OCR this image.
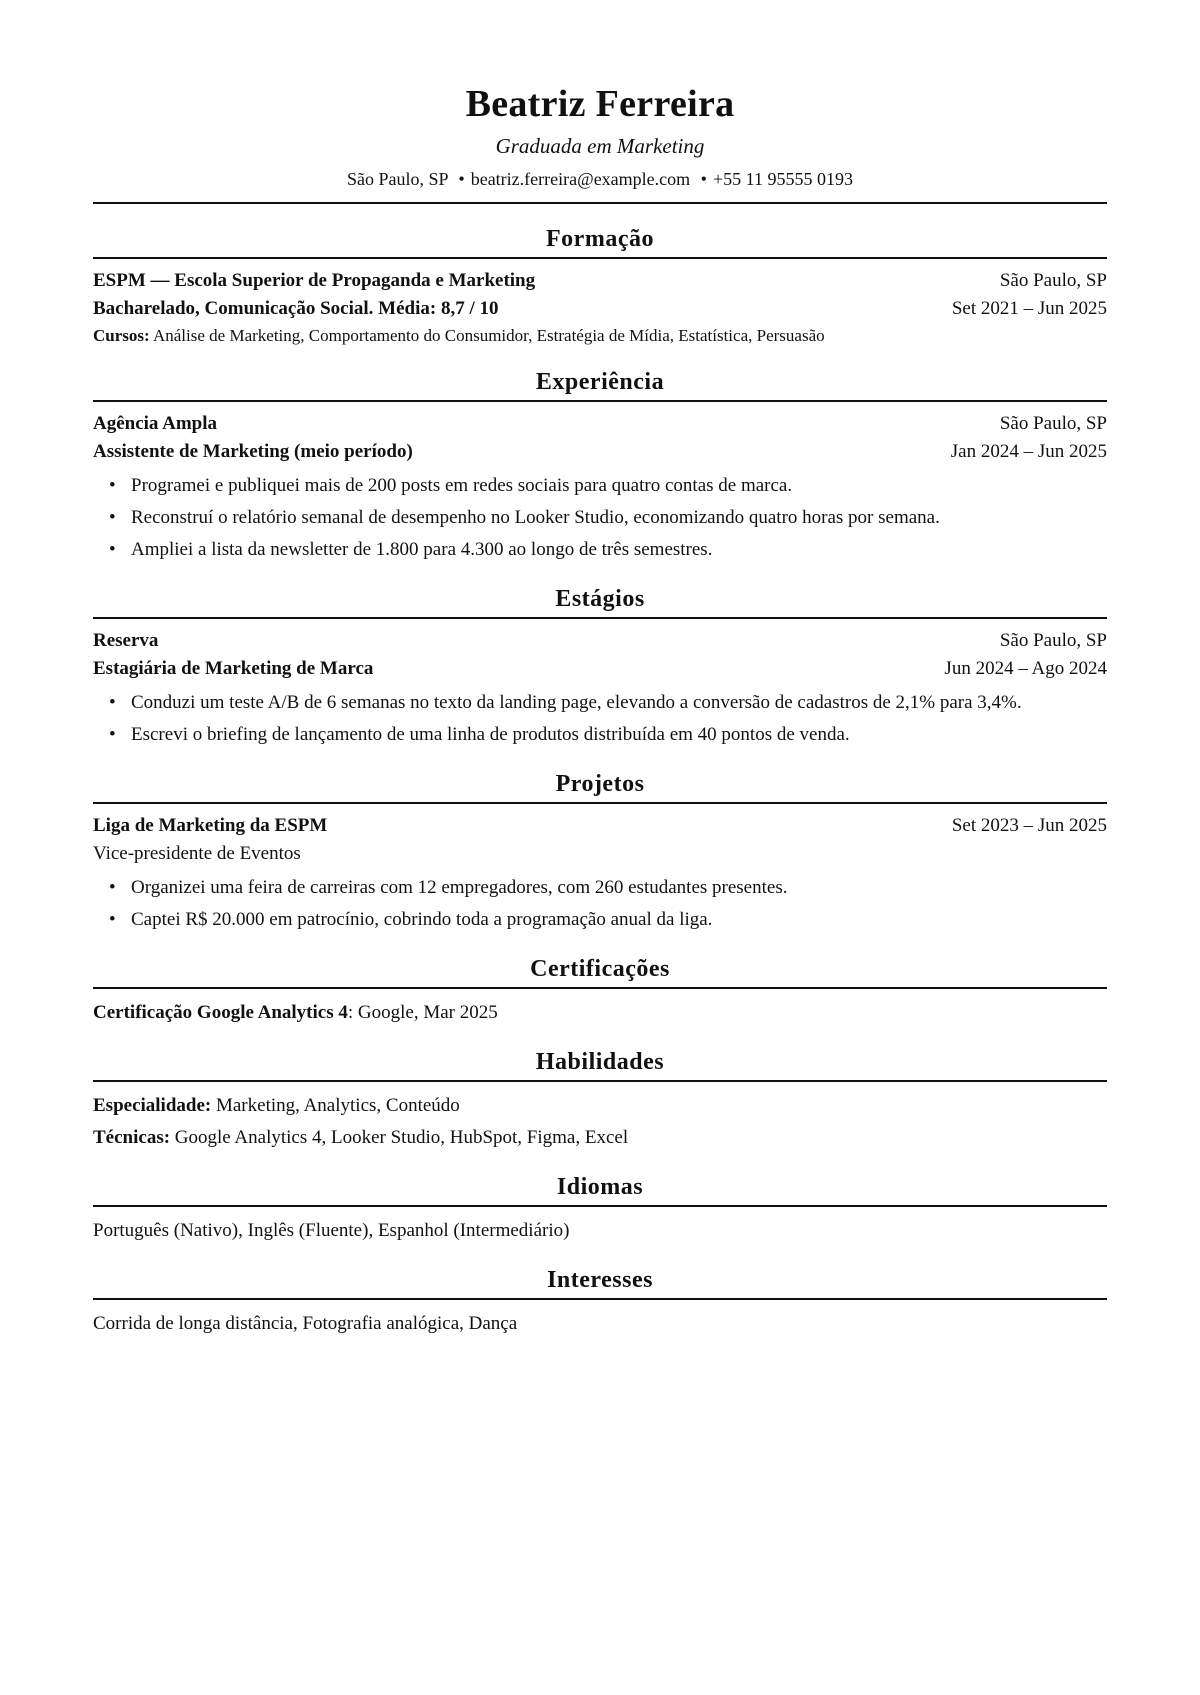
Beatriz Ferreira
Graduada em Marketing
São Paulo, SP • beatriz.ferreira@example.com • +55 11 95555 0193
Formação
ESPM — Escola Superior de Propaganda e Marketing	São Paulo, SP
Bacharelado, Comunicação Social. Média: 8,7 / 10	Set 2021 – Jun 2025
Cursos: Análise de Marketing, Comportamento do Consumidor, Estratégia de Mídia, Estatística, Persuasão
Experiência
Agência Ampla	São Paulo, SP
Assistente de Marketing (meio período)	Jan 2024 – Jun 2025
• Programei e publiquei mais de 200 posts em redes sociais para quatro contas de marca.
• Reconstruí o relatório semanal de desempenho no Looker Studio, economizando quatro horas por semana.
• Ampliei a lista da newsletter de 1.800 para 4.300 ao longo de três semestres.
Estágios
Reserva	São Paulo, SP
Estagiária de Marketing de Marca	Jun 2024 – Ago 2024
• Conduzi um teste A/B de 6 semanas no texto da landing page, elevando a conversão de cadastros de 2,1% para 3,4%.
• Escrevi o briefing de lançamento de uma linha de produtos distribuída em 40 pontos de venda.
Projetos
Liga de Marketing da ESPM	Set 2023 – Jun 2025
Vice-presidente de Eventos
• Organizei uma feira de carreiras com 12 empregadores, com 260 estudantes presentes.
• Captei R$ 20.000 em patrocínio, cobrindo toda a programação anual da liga.
Certificações
Certificação Google Analytics 4: Google, Mar 2025
Habilidades
Especialidade: Marketing, Analytics, Conteúdo
Técnicas: Google Analytics 4, Looker Studio, HubSpot, Figma, Excel
Idiomas
Português (Nativo), Inglês (Fluente), Espanhol (Intermediário)
Interesses
Corrida de longa distância, Fotografia analógica, Dança
